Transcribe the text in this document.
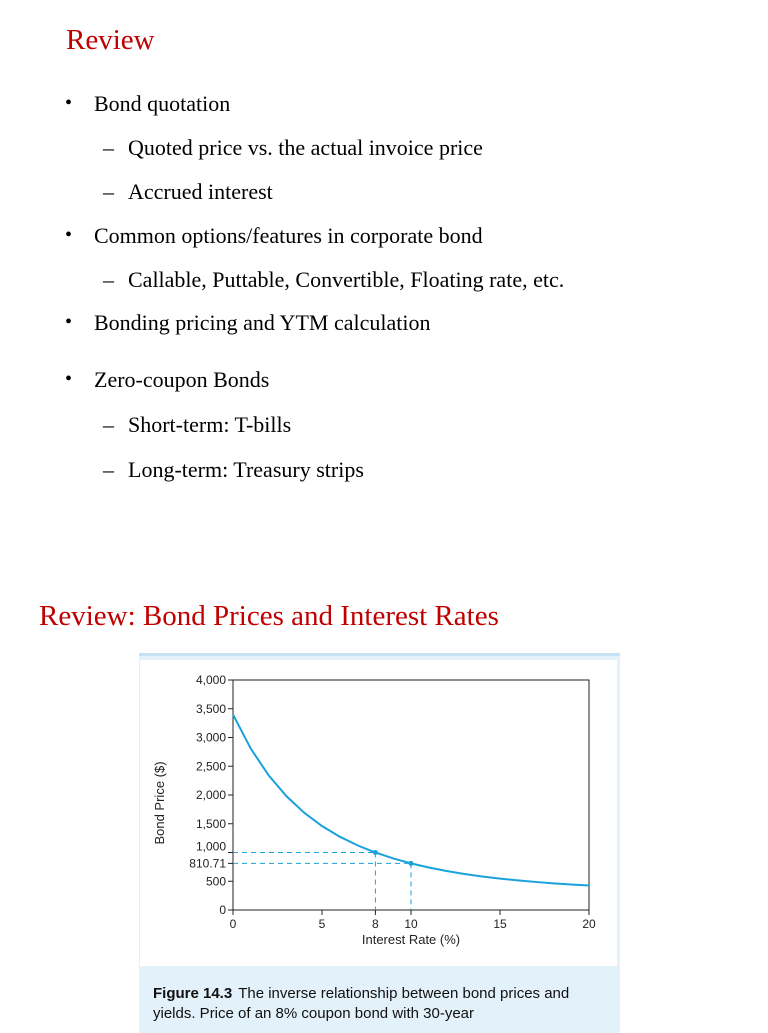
Review
• Bond quotation
– Quoted price vs. the actual invoice price
– Accrued interest
• Common options/features in corporate bond
– Callable, Puttable, Convertible, Floating rate, etc.
• Bonding pricing and YTM calculation
• Zero-coupon Bonds
– Short-term: T-bills
– Long-term: Treasury strips
Review: Bond Prices and Interest Rates
0
500
810.71
1,000
1,500
2,000
2,500
3,000
3,500
4,000
0	5	8 10	15	20
Interest Rate (%)
Bond Price ($)
Figure 14.3 The inverse relationship between bond prices and yields. Price of an 8% coupon bond with 30-year
